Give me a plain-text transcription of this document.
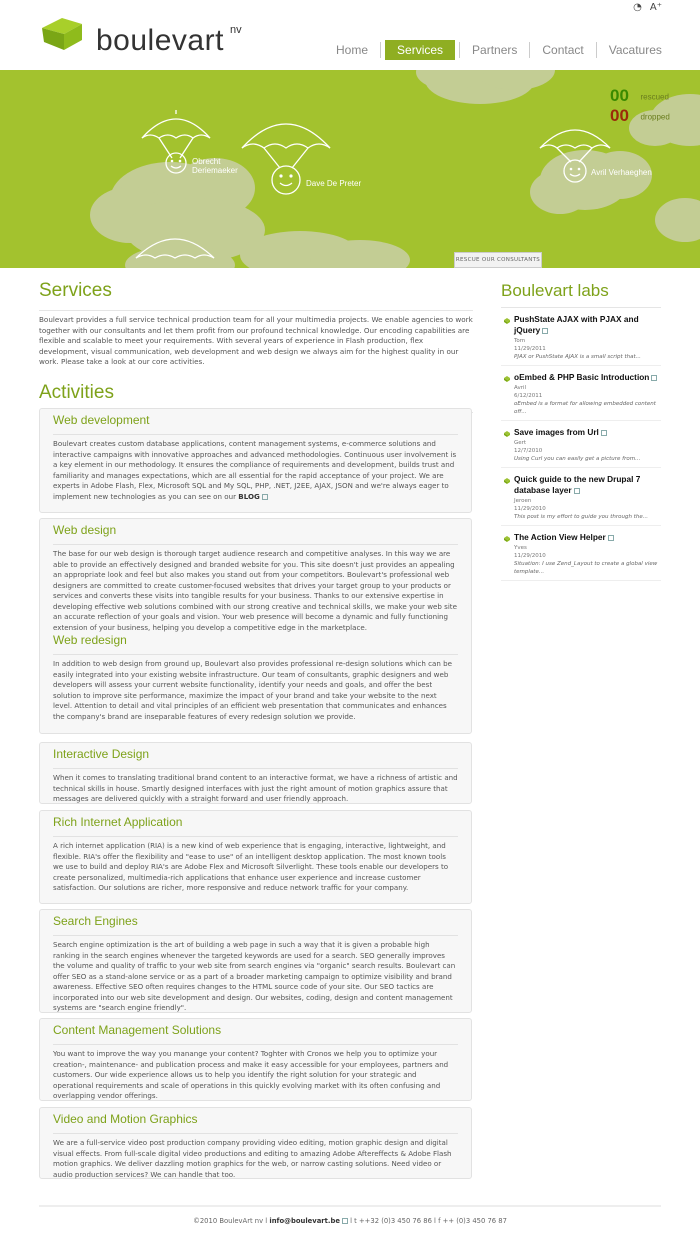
boulevart nv
◔ A⁺
Home	Services	Partners	Contact	Vacatures
00 rescued
00 dropped
Obrecht Deriemaeker
Dave De Preter
Avril Verhaeghen
RESCUE OUR CONSULTANTS
Services

Boulevart provides a full service technical production team for all your multimedia projects. We enable agencies to work together with our consultants and let them profit from our profound technical knowledge. Our encoding capabilities are flexible and scalable to meet your requirements. With several years of experience in Flash production, flex development, visual communication, web development and web design we always aim for the highest quality in our work. Please take a look at our core activities.

Activities
Web development
Boulevart creates custom database applications, content management systems, e-commerce solutions and interactive campaigns with innovative approaches and advanced methodologies. Continuous user involvement is a key element in our methodology. It ensures the compliance of requirements and development, builds trust and familiarity and manages expectations, which are all essential for the rapid acceptance of your project. We are experts in Adobe Flash, Flex, Microsoft SQL and My SQL, PHP, .NET, J2EE, AJAX, JSON and we're always eager to implement new technologies as you can see on our BLOG
Web design
The base for our web design is thorough target audience research and competitive analyses. In this way we are able to provide an effectively designed and branded website for you. This site doesn't just provides an appealing an appropriate look and feel but also makes you stand out from your competitors. Boulevart's professional web designers are committed to create customer-focused websites that drives your target group to your products or services and converts these visits into tangible results for your business. Thanks to our extensive expertise in developing effective web solutions combined with our strong creative and technical skills, we make your web site an accurate reflection of your goals and vision. Your web presence will become a dynamic and fully functioning extension of your business, helping you develop a competitive edge in the marketplace.
Web redesign
In addition to web design from ground up, Boulevart also provides professional re-design solutions which can be easily integrated into your existing website infrastructure. Our team of consultants, graphic designers and web developers will assess your current website functionality, identify your needs and goals, and offer the best solution to improve site performance, maximize the impact of your brand and take your website to the next level. Attention to detail and vital principles of an efficient web presentation that communicates and enhances the company's brand are inseparable features of every redesign solution we provide.
Interactive Design
When it comes to translating traditional brand content to an interactive format, we have a richness of artistic and technical skills in house. Smartly designed interfaces with just the right amount of motion graphics assure that messages are delivered quickly with a straight forward and user friendly approach.
Rich Internet Application
A rich internet application (RIA) is a new kind of web experience that is engaging, interactive, lightweight, and flexible. RIA's offer the flexibility and "ease to use" of an intelligent desktop application. The most known tools we use to build and deploy RIA's are Adobe Flex and Microsoft Silverlight. These tools enable our developers to create personalized, multimedia-rich applications that enhance user experience and increase customer satisfaction. Our solutions are richer, more responsive and reduce network traffic for your company.
Search Engines
Search engine optimization is the art of building a web page in such a way that it is given a probable high ranking in the search engines whenever the targeted keywords are used for a search. SEO generally improves the volume and quality of traffic to your web site from search engines via "organic" search results. Boulevart can offer SEO as a stand-alone service or as a part of a broader marketing campaign to optimize visibility and brand awareness. Effective SEO often requires changes to the HTML source code of your site. Our SEO tactics are incorporated into our web site development and design. Our websites, coding, design and content management systems are "search engine friendly".
Content Management Solutions
You want to improve the way you manange your content? Toghter with Cronos we help you to optimize your creation-, maintenance- and publication process and make it easy accessible for your employees, partners and customers. Our wide experience allows us to help you identify the right solution for your strategic and operational requirements and scale of operations in this quickly evolving market with its often confusing and overlapping vendor offerings.
Video and Motion Graphics
We are a full-service video post production company providing video editing, motion graphic design and digital visual effects. From full-scale digital video productions and editing to amazing Adobe Aftereffects & Adobe Flash motion graphics. We deliver dazzling motion graphics for the web, or narrow casting solutions. Need video or audio production services? We can handle that too.
Boulevart labs
PushState AJAX with PJAX and jQuery
Tom
11/29/2011
PJAX or PushState AJAX is a small script that...
oEmbed & PHP Basic Introduction
Avril
6/12/2011
oEmbed is a format for allowing embedded content off...
Save images from Url
Gert
12/7/2010
Using Curl you can easily get a picture from...
Quick guide to the new Drupal 7 database layer
Jeroen
11/29/2010
This post is my effort to guide you through the...
The Action View Helper
Yves
11/29/2010
Situation: I use Zend_Layout to create a global view template...
©2010 BoulevArt nv l info@boulevart.be l t ++32 (0)3 450 76 86 l f ++ (0)3 450 76 87
